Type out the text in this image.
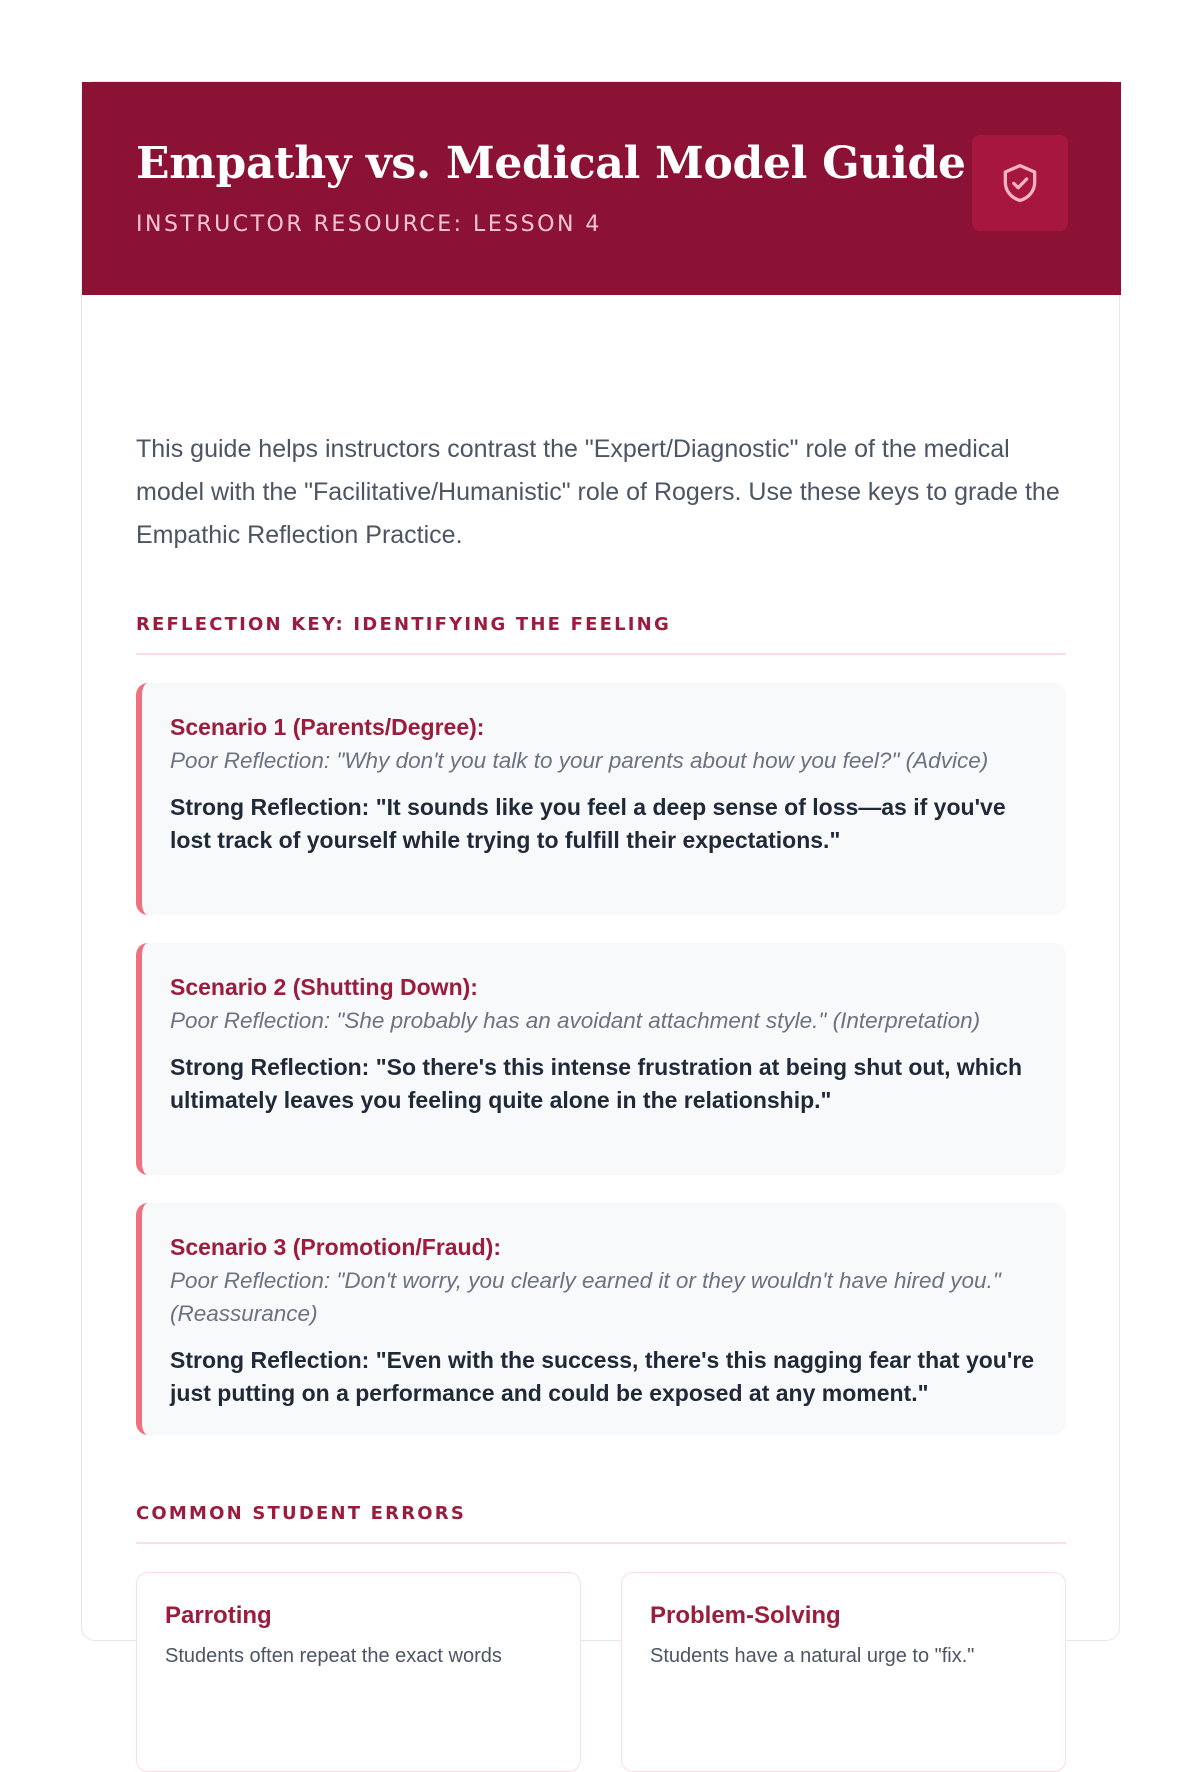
Empathy vs. Medical Model Guide
INSTRUCTOR RESOURCE: LESSON 4

This guide helps instructors contrast the "Expert/Diagnostic" role of the medical model with the "Facilitative/Humanistic" role of Rogers. Use these keys to grade the Empathic Reflection Practice.

REFLECTION KEY: IDENTIFYING THE FEELING

Scenario 1 (Parents/Degree):

Poor Reflection: "Why don't you talk to your parents about how you feel?" (Advice)

Strong Reflection: "It sounds like you feel a deep sense of loss—as if you've lost track of yourself while trying to fulfill their expectations."

Scenario 2 (Shutting Down):

Poor Reflection: "She probably has an avoidant attachment style." (Interpretation)

Strong Reflection: "So there's this intense frustration at being shut out, which ultimately leaves you feeling quite alone in the relationship."

Scenario 3 (Promotion/Fraud):

Poor Reflection: "Don't worry, you clearly earned it or they wouldn't have hired you." (Reassurance)

Strong Reflection: "Even with the success, there's this nagging fear that you're just putting on a performance and could be exposed at any moment."

COMMON STUDENT ERRORS

Parroting

Students often repeat the exact words

Problem-Solving

Students have a natural urge to "fix."
